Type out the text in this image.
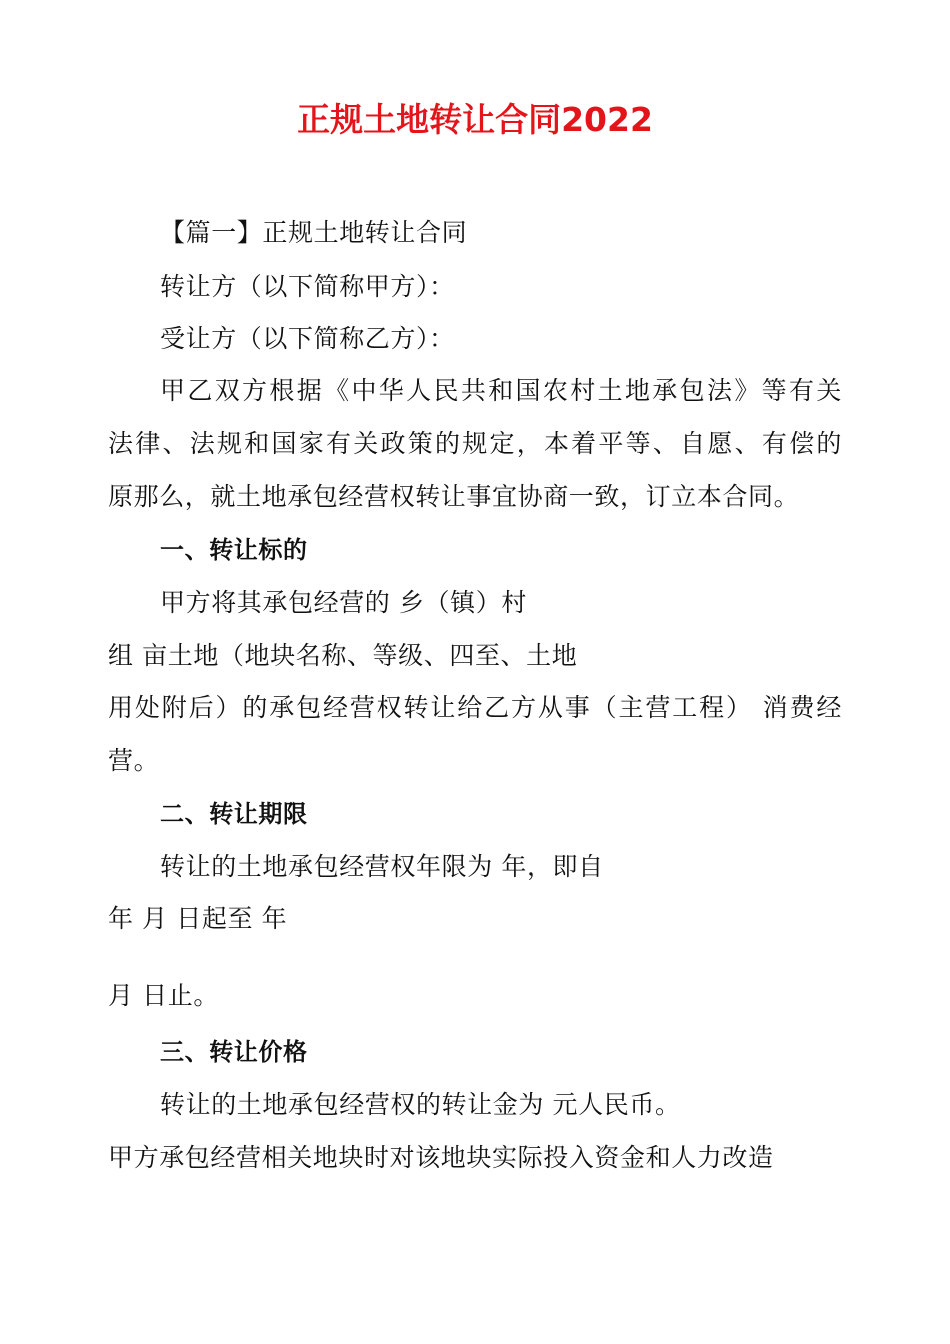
正规土地转让合同2022
【篇一】正规土地转让合同
转让方（以下简称甲方）：
受让方（以下简称乙方）：
甲乙双方根据《中华人民共和国农村土地承包法》等有关
法律、法规和国家有关政策的规定，本着平等、自愿、有偿的
原那么，就土地承包经营权转让事宜协商一致，订立本合同。
一、转让标的
甲方将其承包经营的 乡（镇）村
组 亩土地（地块名称、等级、四至、土地
用处附后）的承包经营权转让给乙方从事（主营工程） 消费经
营。
二、转让期限
转让的土地承包经营权年限为 年，即自
年 月 日起至 年
月 日止。
三、转让价格
转让的土地承包经营权的转让金为 元人民币。
甲方承包经营相关地块时对该地块实际投入资金和人力改造
